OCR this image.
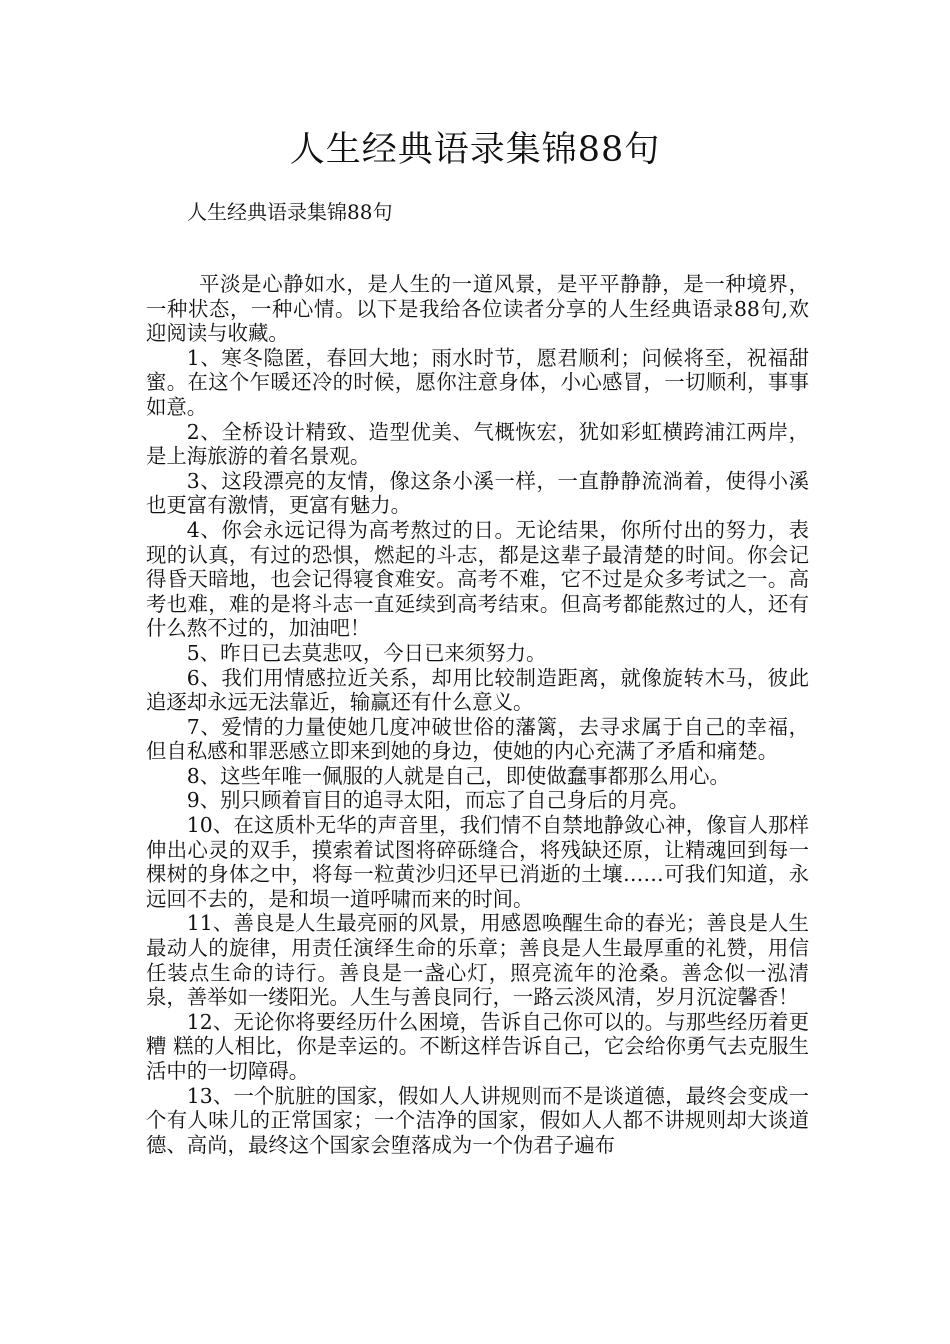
人生经典语录集锦88句
人生经典语录集锦88句

平淡是心静如水，是人生的一道风景，是平平静静，是一种境界，一种状态，一种心情。以下是我给各位读者分享的人生经典语录88句,欢迎阅读与收藏。

1、寒冬隐匿，春回大地；雨水时节，愿君顺利；问候将至，祝福甜蜜。在这个乍暖还冷的时候，愿你注意身体，小心感冒，一切顺利，事事如意。

2、全桥设计精致、造型优美、气概恢宏，犹如彩虹横跨浦江两岸，是上海旅游的着名景观。

3、这段漂亮的友情，像这条小溪一样，一直静静流淌着，使得小溪也更富有激情，更富有魅力。

4、你会永远记得为高考熬过的日。无论结果，你所付出的努力，表现的认真，有过的恐惧，燃起的斗志，都是这辈子最清楚的时间。你会记得昏天暗地，也会记得寝食难安。高考不难，它不过是众多考试之一。高考也难，难的是将斗志一直延续到高考结束。但高考都能熬过的人，还有什么熬不过的，加油吧！

5、昨日已去莫悲叹，今日已来须努力。

6、我们用情感拉近关系，却用比较制造距离，就像旋转木马，彼此追逐却永远无法靠近，输赢还有什么意义。

7、爱情的力量使她几度冲破世俗的藩篱，去寻求属于自己的幸福，但自私感和罪恶感立即来到她的身边，使她的内心充满了矛盾和痛楚。

8、这些年唯一佩服的人就是自己，即使做蠢事都那么用心。

9、别只顾着盲目的追寻太阳，而忘了自己身后的月亮。

10、在这质朴无华的声音里，我们情不自禁地静敛心神，像盲人那样伸出心灵的双手，摸索着试图将碎砾缝合，将残缺还原，让精魂回到每一棵树的身体之中，将每一粒黄沙归还早已消逝的土壤……可我们知道，永远回不去的，是和埙一道呼啸而来的时间。

11、善良是人生最亮丽的风景，用感恩唤醒生命的春光；善良是人生最动人的旋律，用责任演绎生命的乐章；善良是人生最厚重的礼赞，用信任装点生命的诗行。善良是一盏心灯，照亮流年的沧桑。善念似一泓清泉，善举如一缕阳光。人生与善良同行，一路云淡风清，岁月沉淀馨香！

12、无论你将要经历什么困境，告诉自己你可以的。与那些经历着更糟 糕的人相比，你是幸运的。不断这样告诉自己，它会给你勇气去克服生 活中的一切障碍。

13、一个肮脏的国家，假如人人讲规则而不是谈道德，最终会变成一个有人味儿的正常国家；一个洁净的国家，假如人人都不讲规则却大谈道德、高尚，最终这个国家会堕落成为一个伪君子遍布
